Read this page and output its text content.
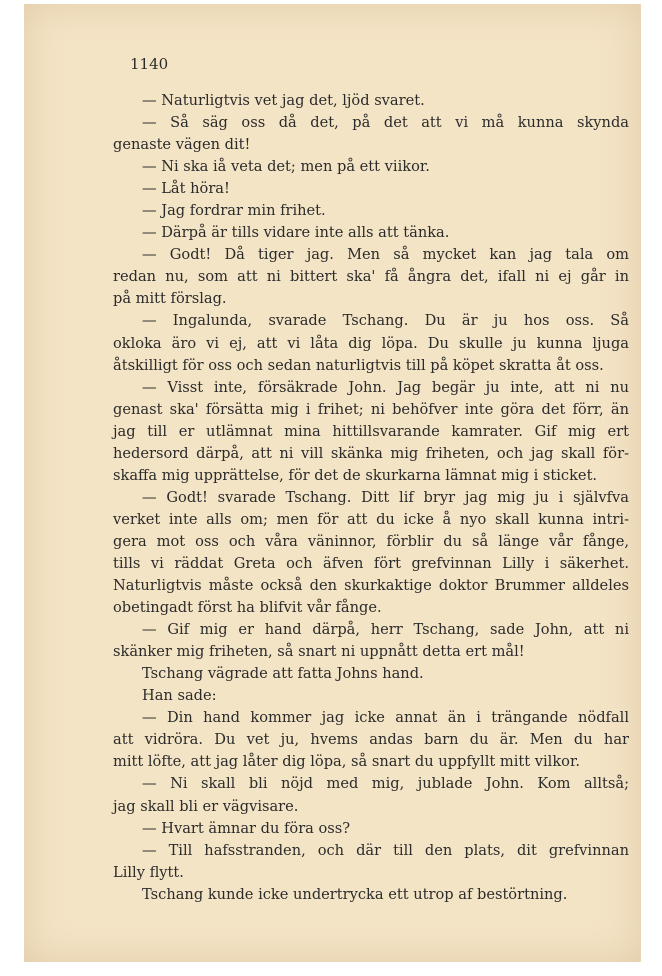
1140
— Naturligtvis vet jag det, ljöd svaret.
— Så säg oss då det, på det att vi må kunna skynda
genaste vägen dit!
— Ni ska iå veta det; men på ett viikor.
— Låt höra!
— Jag fordrar min frihet.
— Därpå är tills vidare inte alls att tänka.
— Godt! Då tiger jag. Men så mycket kan jag tala om
redan nu, som att ni bittert ska' få ångra det, ifall ni ej går in
på mitt förslag.
— Ingalunda, svarade Tschang. Du är ju hos oss. Så
okloka äro vi ej, att vi låta dig löpa. Du skulle ju kunna ljuga
åtskilligt för oss och sedan naturligtvis till på köpet skratta åt oss.
— Visst inte, försäkrade John. Jag begär ju inte, att ni nu
genast ska' försätta mig i frihet; ni behöfver inte göra det förr, än
jag till er utlämnat mina hittillsvarande kamrater. Gif mig ert
hedersord därpå, att ni vill skänka mig friheten, och jag skall för-
skaffa mig upprättelse, för det de skurkarna lämnat mig i sticket.
— Godt! svarade Tschang. Ditt lif bryr jag mig ju i självfva
verket inte alls om; men för att du icke å nyo skall kunna intri-
gera mot oss och våra väninnor, förblir du så länge vår fånge,
tills vi räddat Greta och äfven fört grefvinnan Lilly i säkerhet.
Naturligtvis måste också den skurkaktige doktor Brummer alldeles
obetingadt först ha blifvit vår fånge.
— Gif mig er hand därpå, herr Tschang, sade John, att ni
skänker mig friheten, så snart ni uppnått detta ert mål!
Tschang vägrade att fatta Johns hand.
Han sade:
— Din hand kommer jag icke annat än i trängande nödfall
att vidröra. Du vet ju, hvems andas barn du är. Men du har
mitt löfte, att jag låter dig löpa, så snart du uppfyllt mitt vilkor.
— Ni skall bli nöjd med mig, jublade John. Kom alltså;
jag skall bli er vägvisare.
— Hvart ämnar du föra oss?
— Till hafsstranden, och där till den plats, dit grefvinnan
Lilly flytt.
Tschang kunde icke undertrycka ett utrop af bestörtning.
